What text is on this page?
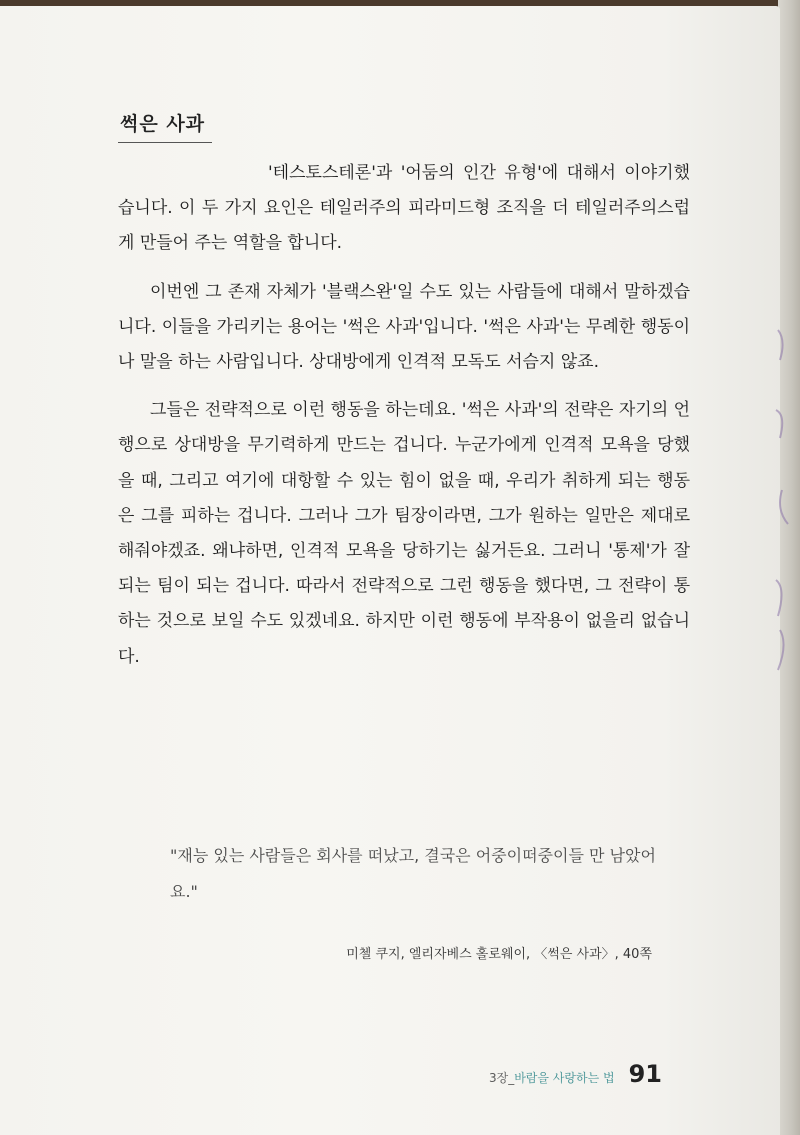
썩은 사과

'테스토스테론'과 '어둠의 인간 유형'에 대해서 이야기했습니다. 이 두 가지 요인은 테일러주의 피라미드형 조직을 더 테일러주의스럽게 만들어 주는 역할을 합니다.

이번엔 그 존재 자체가 '블랙스완'일 수도 있는 사람들에 대해서 말하겠습니다. 이들을 가리키는 용어는 '썩은 사과'입니다. '썩은 사과'는 무례한 행동이나 말을 하는 사람입니다. 상대방에게 인격적 모독도 서슴지 않죠.

그들은 전략적으로 이런 행동을 하는데요. '썩은 사과'의 전략은 자기의 언행으로 상대방을 무기력하게 만드는 겁니다. 누군가에게 인격적 모욕을 당했을 때, 그리고 여기에 대항할 수 있는 힘이 없을 때, 우리가 취하게 되는 행동은 그를 피하는 겁니다. 그러나 그가 팀장이라면, 그가 원하는 일만은 제대로 해줘야겠죠. 왜냐하면, 인격적 모욕을 당하기는 싫거든요. 그러니 '통제'가 잘 되는 팀이 되는 겁니다. 따라서 전략적으로 그런 행동을 했다면, 그 전략이 통하는 것으로 보일 수도 있겠네요. 하지만 이런 행동에 부작용이 없을리 없습니다.

"재능 있는 사람들은 회사를 떠났고, 결국은 어중이떠중이들 만 남았어요."
미첼 쿠지, 엘리자베스 홀로웨이, 〈썩은 사과〉, 40쪽
3장_바람을 사랑하는 법 91
